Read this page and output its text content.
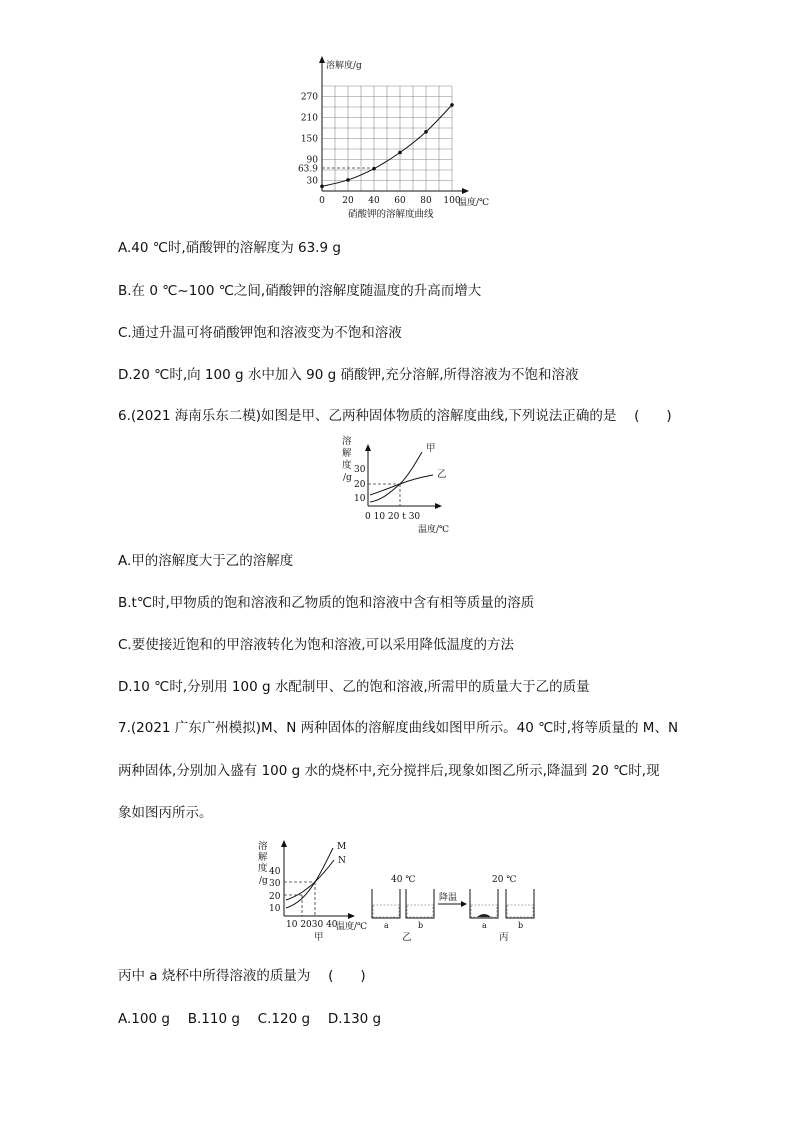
270
210
150
90
63.9
30
0 20 40 60 80 100
溶解度/g
温度/℃
硝酸钾的溶解度曲线
A.40 ℃时,硝酸钾的溶解度为 63.9 g
B.在 0 ℃~100 ℃之间,硝酸钾的溶解度随温度的升高而增大
C.通过升温可将硝酸钾饱和溶液变为不饱和溶液
D.20 ℃时,向 100 g 水中加入 90 g 硝酸钾,充分溶解,所得溶液为不饱和溶液
6.(2021 海南乐东二模)如图是甲、乙两种固体物质的溶解度曲线,下列说法正确的是　 (　　)
溶
解
度
/g
30
20
10
0 10 20 t 30
温度/℃
甲
乙
A.甲的溶解度大于乙的溶解度
B.t℃时,甲物质的饱和溶液和乙物质的饱和溶液中含有相等质量的溶质
C.要使接近饱和的甲溶液转化为饱和溶液,可以采用降低温度的方法
D.10 ℃时,分别用 100 g 水配制甲、乙的饱和溶液,所需甲的质量大于乙的质量
7.(2021 广东广州模拟)M、N 两种固体的溶解度曲线如图甲所示。40 ℃时,将等质量的 M、N
两种固体,分别加入盛有 100 g 水的烧杯中,充分搅拌后,现象如图乙所示,降温到 20 ℃时,现
象如图丙所示。
溶
解
度
/g
40
30
20
10
10 2030 40
温度/℃
甲
M
N
40 ℃
a	b
乙
降温
20 ℃
a	b
丙
丙中 a 烧杯中所得溶液的质量为　 (　　)
A.100 g　 B.110 g　 C.120 g　 D.130 g
